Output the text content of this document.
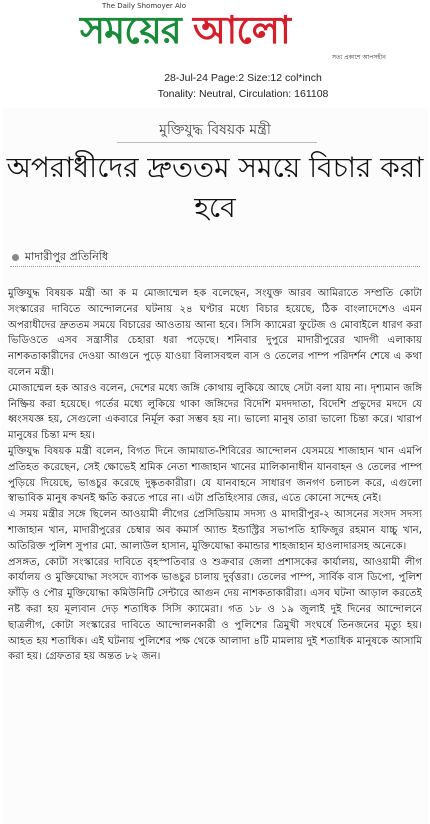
The Daily Shomoyer Alo
সময়ের আলো
সত্য প্রকাশে আপসহীন
28-Jul-24 Page:2 Size:12 col*inch
Tonality: Neutral, Circulation: 161108
মুক্তিযুদ্ধ বিষয়ক মন্ত্রী
অপরাধীদের দ্রুততম সময়ে বিচার করা হবে
মাদারীপুর প্রতিনিধি

মুক্তিযুদ্ধ বিষয়ক মন্ত্রী আ ক ম মোজাম্মেল হক বলেছেন, সংযুক্ত আরব আমিরাতে সম্প্রতি কোটা সংস্কারের দাবিতে আন্দোলনের ঘটনায় ২৪ ঘণ্টার মধ্যে বিচার হয়েছে, ঠিক বাংলাদেশেও এমন অপরাধীদের দ্রুততম সময়ে বিচারের আওতায় আনা হবে। সিসি ক্যামেরা ফুটেজ ও মোবাইলে ধারণ করা ভিডিওতে এসব সন্ত্রাসীর চেহারা ধরা পড়েছে। শনিবার দুপুরে মাদারীপুরের খাদগী এলাকায় নাশকতাকারীদের দেওয়া আগুনে পুড়ে যাওয়া বিলাসবহুল বাস ও তেলের পাম্প পরিদর্শন শেষে এ কথা বলেন মন্ত্রী।

মোজাম্মেল হক আরও বলেন, দেশের মধ্যে জঙ্গি কোথায় লুকিয়ে আছে সেটা বলা যায় না। দৃশ্যমান জঙ্গি নিষ্ক্রিয় করা হয়েছে। গর্তের মধ্যে লুকিয়ে থাকা জঙ্গিদের বিদেশি মদদদাতা, বিদেশি প্রভুদের মদদে যে ধ্বংসযজ্ঞ হয়, সেগুলো একবারে নির্মূল করা সম্ভব হয় না। ভালো মানুষ তারা ভালো চিন্তা করে। খারাপ মানুষের চিন্তা মন্দ হয়।

মুক্তিযুদ্ধ বিষয়ক মন্ত্রী বলেন, বিগত দিনে জামায়াত-শিবিরের আন্দোলন যেসময়ে শাজাহান খান এমপি প্রতিহত করেছেন, সেই ক্ষোভেই শ্রমিক নেতা শাজাহান খানের মালিকানাধীন যানবাহন ও তেলের পাম্প পুড়িয়ে দিয়েছে, ভাঙচুর করেছে দুষ্কৃতকারীরা। যে যানবাহনে সাধারণ জনগণ চলাচল করে, এগুলো স্বাভাবিক মানুষ কখনই ক্ষতি করতে পারে না। এটা প্রতিহিংসার জের, এতে কোনো সন্দেহ নেই।

এ সময় মন্ত্রীর সঙ্গে ছিলেন আওয়ামী লীগের প্রেসিডিয়াম সদস্য ও মাদারীপুর-২ আসনের সংসদ সদস্য শাজাহান খান, মাদারীপুরের চেম্বার অব কমার্স অ্যান্ড ইন্ডাস্ট্রির সভাপতি হাফিজুর রহমান যাচ্চু খান, অতিরিক্ত পুলিশ সুপার মো. আলাউল হাসান, মুক্তিযোদ্ধা কমান্ডার শাহজাহান হাওলাদারসহ অনেকে।

প্রসঙ্গত, কোটা সংস্কারের দাবিতে বৃহস্পতিবার ও শুক্রবার জেলা প্রশাসকের কার্যালয়, আওয়ামী লীগ কার্যালয় ও মুক্তিযোদ্ধা সংসদে ব্যাপক ভাঙচুর চালায় দুর্বৃত্তরা। তেলের পাম্প, সার্বিক বাস ডিপো, পুলিশ ফাঁড়ি ও পৌর মুক্তিযোদ্ধা কমিউনিটি সেন্টারে আগুন দেয় নাশকতাকারীরা। এসব ঘটনা আড়াল করতেই নষ্ট করা হয় মূল্যবান দেড় শতাধিক সিসি ক্যামেরা। গত ১৮ ও ১৯ জুলাই দুই দিনের আন্দোলনে ছাত্রলীগ, কোটা সংস্কারের দাবিতে আন্দোলনকারী ও পুলিশের ত্রিমুখী সংঘর্ষে তিনজনের মৃত্যু হয়। আহত হয় শতাধিক। এই ঘটনায় পুলিশের পক্ষ থেকে আলাদা ৪টি মামলায় দুই শতাধিক মানুষকে আসামি করা হয়। গ্রেফতার হয় অন্তত ৮২ জন।
